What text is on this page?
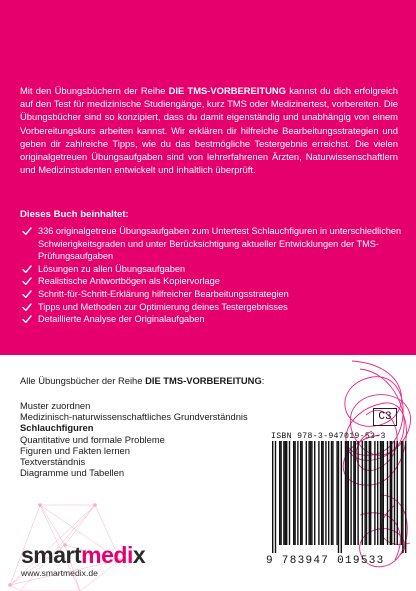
Mit den Übungsbüchern der Reihe DIE TMS-VORBEREITUNG kannst du dich erfolgreich auf den Test für medizinische Studiengänge, kurz TMS oder Medizinertest, vorbereiten. Die Übungsbücher sind so konzipiert, dass du damit eigenständig und unabhängig von einem Vorbereitungskurs arbeiten kannst. Wir erklären dir hilfreiche Bearbeitungsstrategien und geben dir zahlreiche Tipps, wie du das bestmögliche Testergebnis erreichst. Die vielen originalgetreuen Übungsaufgaben sind von lehrerfahrenen Ärzten, Naturwissenschaftlern und Medizinstudenten entwickelt und inhaltlich überprüft.

Dieses Buch beinhaltet:

336 originalgetreue Übungsaufgaben zum Untertest Schlauchfiguren in unterschiedlichen Schwierigkeitsgraden und unter Berücksichtigung aktueller Entwicklungen der TMS-Prüfungsaufgaben
Lösungen zu allen Übungsaufgaben
Realistische Antwortbögen als Kopiervorlage
Schritt-für-Schritt-Erklärung hilfreicher Bearbeitungsstrategien
Tipps und Methoden zur Optimierung deines Testergebnisses
Detaillierte Analyse der Originalaufgaben

Alle Übungsbücher der Reihe DIE TMS-VORBEREITUNG:

Muster zuordnen
Medizinisch-naturwissenschaftliches Grundverständnis
Schlauchfiguren
Quantitative und formale Probleme
Figuren und Fakten lernen
Textverständnis
Diagramme und Tabellen
C3
ISBN 978-3-947019-53-3
9 783947 019533
smartmedix
www.smartmedix.de
